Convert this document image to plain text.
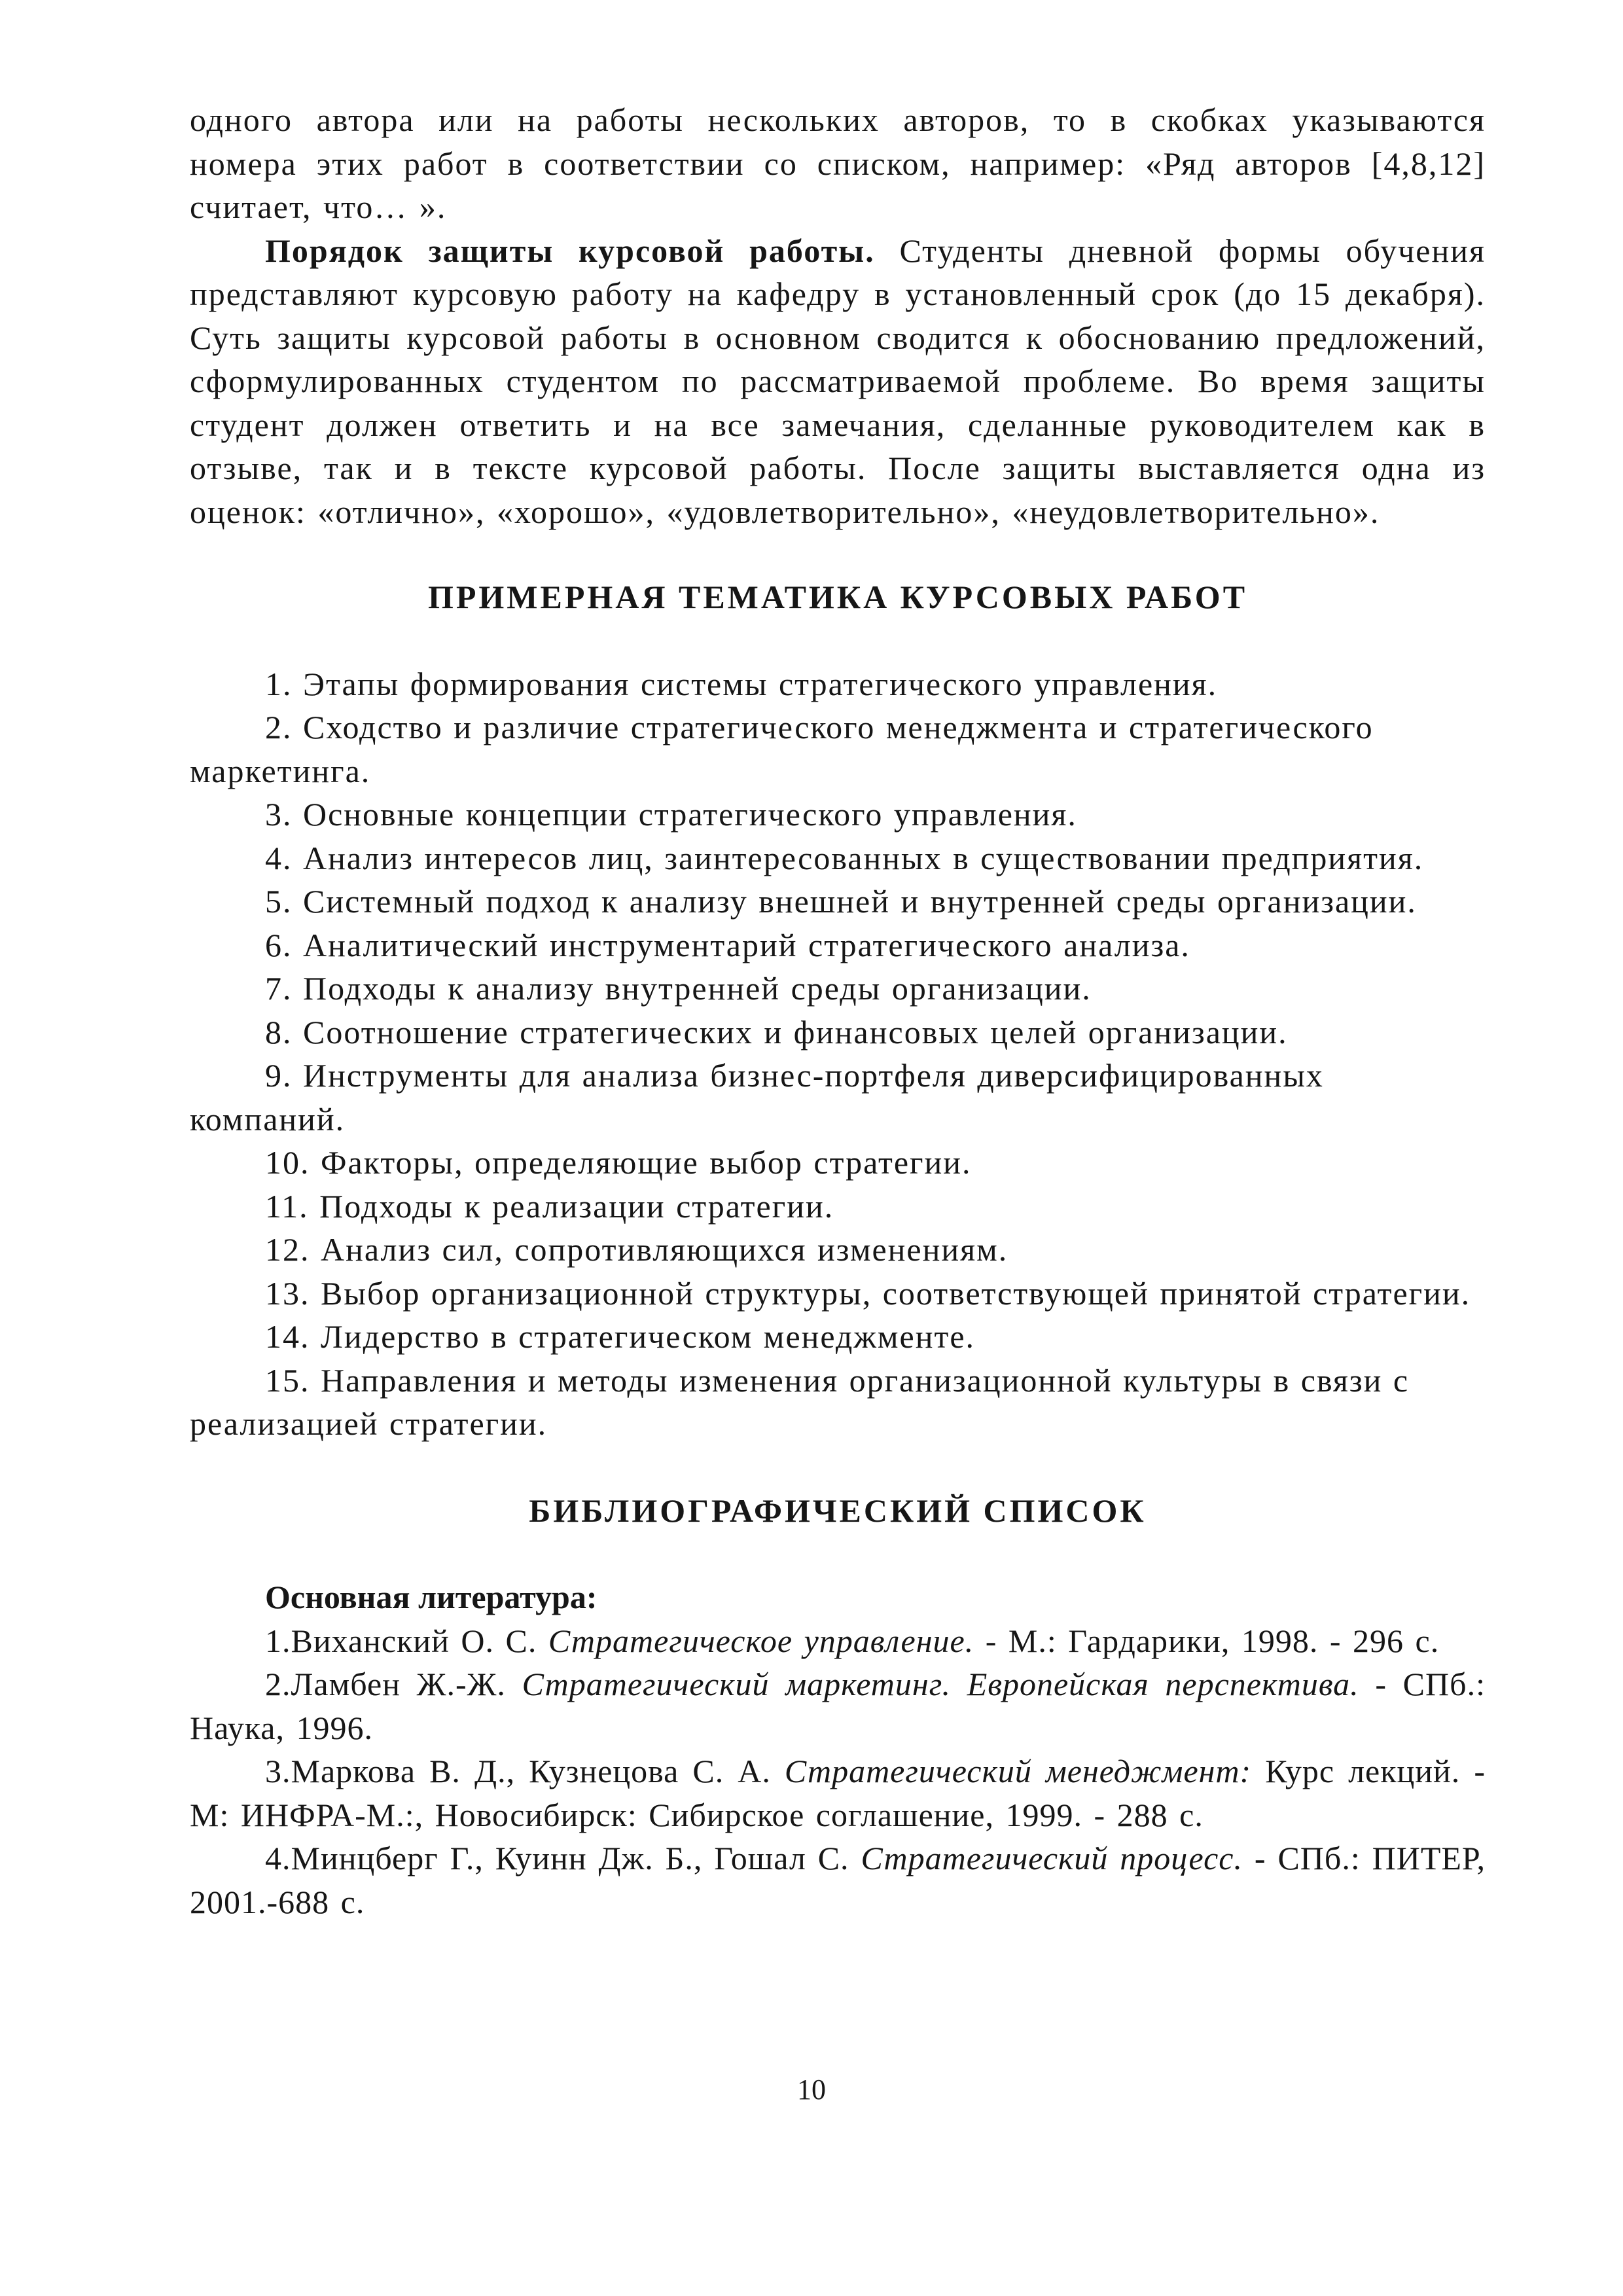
одного автора или на работы нескольких авторов, то в скобках указываются

номера этих работ в соответствии со списком, например: «Ряд авторов [4,8,12]

считает, что… ».

Порядок защиты курсовой работы. Студенты дневной формы обучения представляют курсовую работу на кафедру в установленный срок (до 15 декабря). Суть защиты курсовой работы в основном сводится к обоснованию предложений, сформулированных студентом по рассматриваемой проблеме. Во время защиты студент должен ответить и на все замечания, сделанные руководителем как в отзыве, так и в тексте курсовой работы. После защиты выставляется одна из оценок: «отлично», «хорошо», «удовлетворительно», «неудовлетворительно».

ПРИМЕРНАЯ ТЕМАТИКА КУРСОВЫХ РАБОТ

1. Этапы формирования системы стратегического управления.

2. Сходство и различие стратегического менеджмента и стратегического маркетинга.

3. Основные концепции стратегического управления.

4. Анализ интересов лиц, заинтересованных в существовании предприятия.

5. Системный подход к анализу внешней и внутренней среды организации.

6. Аналитический инструментарий стратегического анализа.

7. Подходы к анализу внутренней среды организации.

8. Соотношение стратегических и финансовых целей организации.

9. Инструменты для анализа бизнес-портфеля диверсифицированных компаний.

10. Факторы, определяющие выбор стратегии.

11. Подходы к реализации стратегии.

12. Анализ сил, сопротивляющихся изменениям.

13. Выбор организационной структуры, соответствующей принятой стратегии.

14. Лидерство в стратегическом менеджменте.

15. Направления и методы изменения организационной культуры в связи с реализацией стратегии.

БИБЛИОГРАФИЧЕСКИЙ СПИСОК

Основная литература:

1.Виханский О. С. Стратегическое управление. - М.: Гардарики, 1998. - 296 с.

2.Ламбен Ж.-Ж. Стратегический маркетинг. Европейская перспектива. - СПб.: Наука, 1996.

3.Маркова В. Д., Кузнецова С. А. Стратегический менеджмент: Курс лекций. - М: ИНФРА-М.:, Новосибирск: Сибирское соглашение, 1999. - 288 с.

4.Минцберг Г., Куинн Дж. Б., Гошал С. Стратегический процесс. - СПб.: ПИТЕР, 2001.-688 с.

10
